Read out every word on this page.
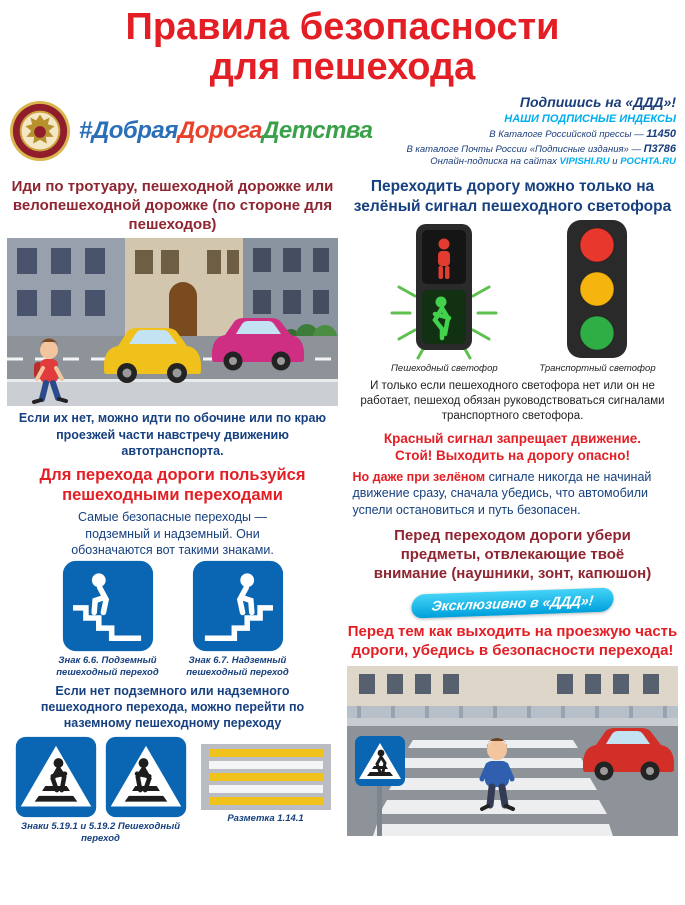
Правила безопасности
для пешехода
#ДобраяДорогаДетства
Подпишись на «ДДД»!
НАШИ ПОДПИСНЫЕ ИНДЕКСЫ
В Каталоге Российской прессы — 11450
В каталоге Почты России «Подписные издания» — П3786
Онлайн-подписка на сайтах VIPISHI.RU и POCHTA.RU
Иди по тротуару, пешеходной дорожке или велопешеходной дорожке (по стороне для пешеходов)
Если их нет, можно идти по обочине или по краю проезжей части навстречу движению автотранспорта.
Для перехода дороги пользуйся пешеходными переходами
Самые безопасные переходы — подземный и надземный. Они обозначаются вот такими знаками.
Знак 6.6. Подземный пешеходный переход
Знак 6.7. Надземный пешеходный переход
Если нет подземного или надземного пешеходного перехода, можно перейти по наземному пешеходному переходу
Знаки 5.19.1 и 5.19.2 Пешеходный переход
Разметка 1.14.1
Переходить дорогу можно только на зелёный сигнал пешеходного светофора
Пешеходный светофор	Транспортный светофор
И только если пешеходного светофора нет или он не работает, пешеход обязан руководствоваться сигналами транспортного светофора.
Красный сигнал запрещает движение.
Стой! Выходить на дорогу опасно!
Но даже при зелёном сигнале никогда не начинай движение сразу, сначала убедись, что автомобили успели остановиться и путь безопасен.
Перед переходом дороги убери предметы, отвлекающие твоё внимание (наушники, зонт, капюшон)
Эксклюзивно в «ДДД»!
Перед тем как выходить на проезжую часть дороги, убедись в безопасности перехода!
